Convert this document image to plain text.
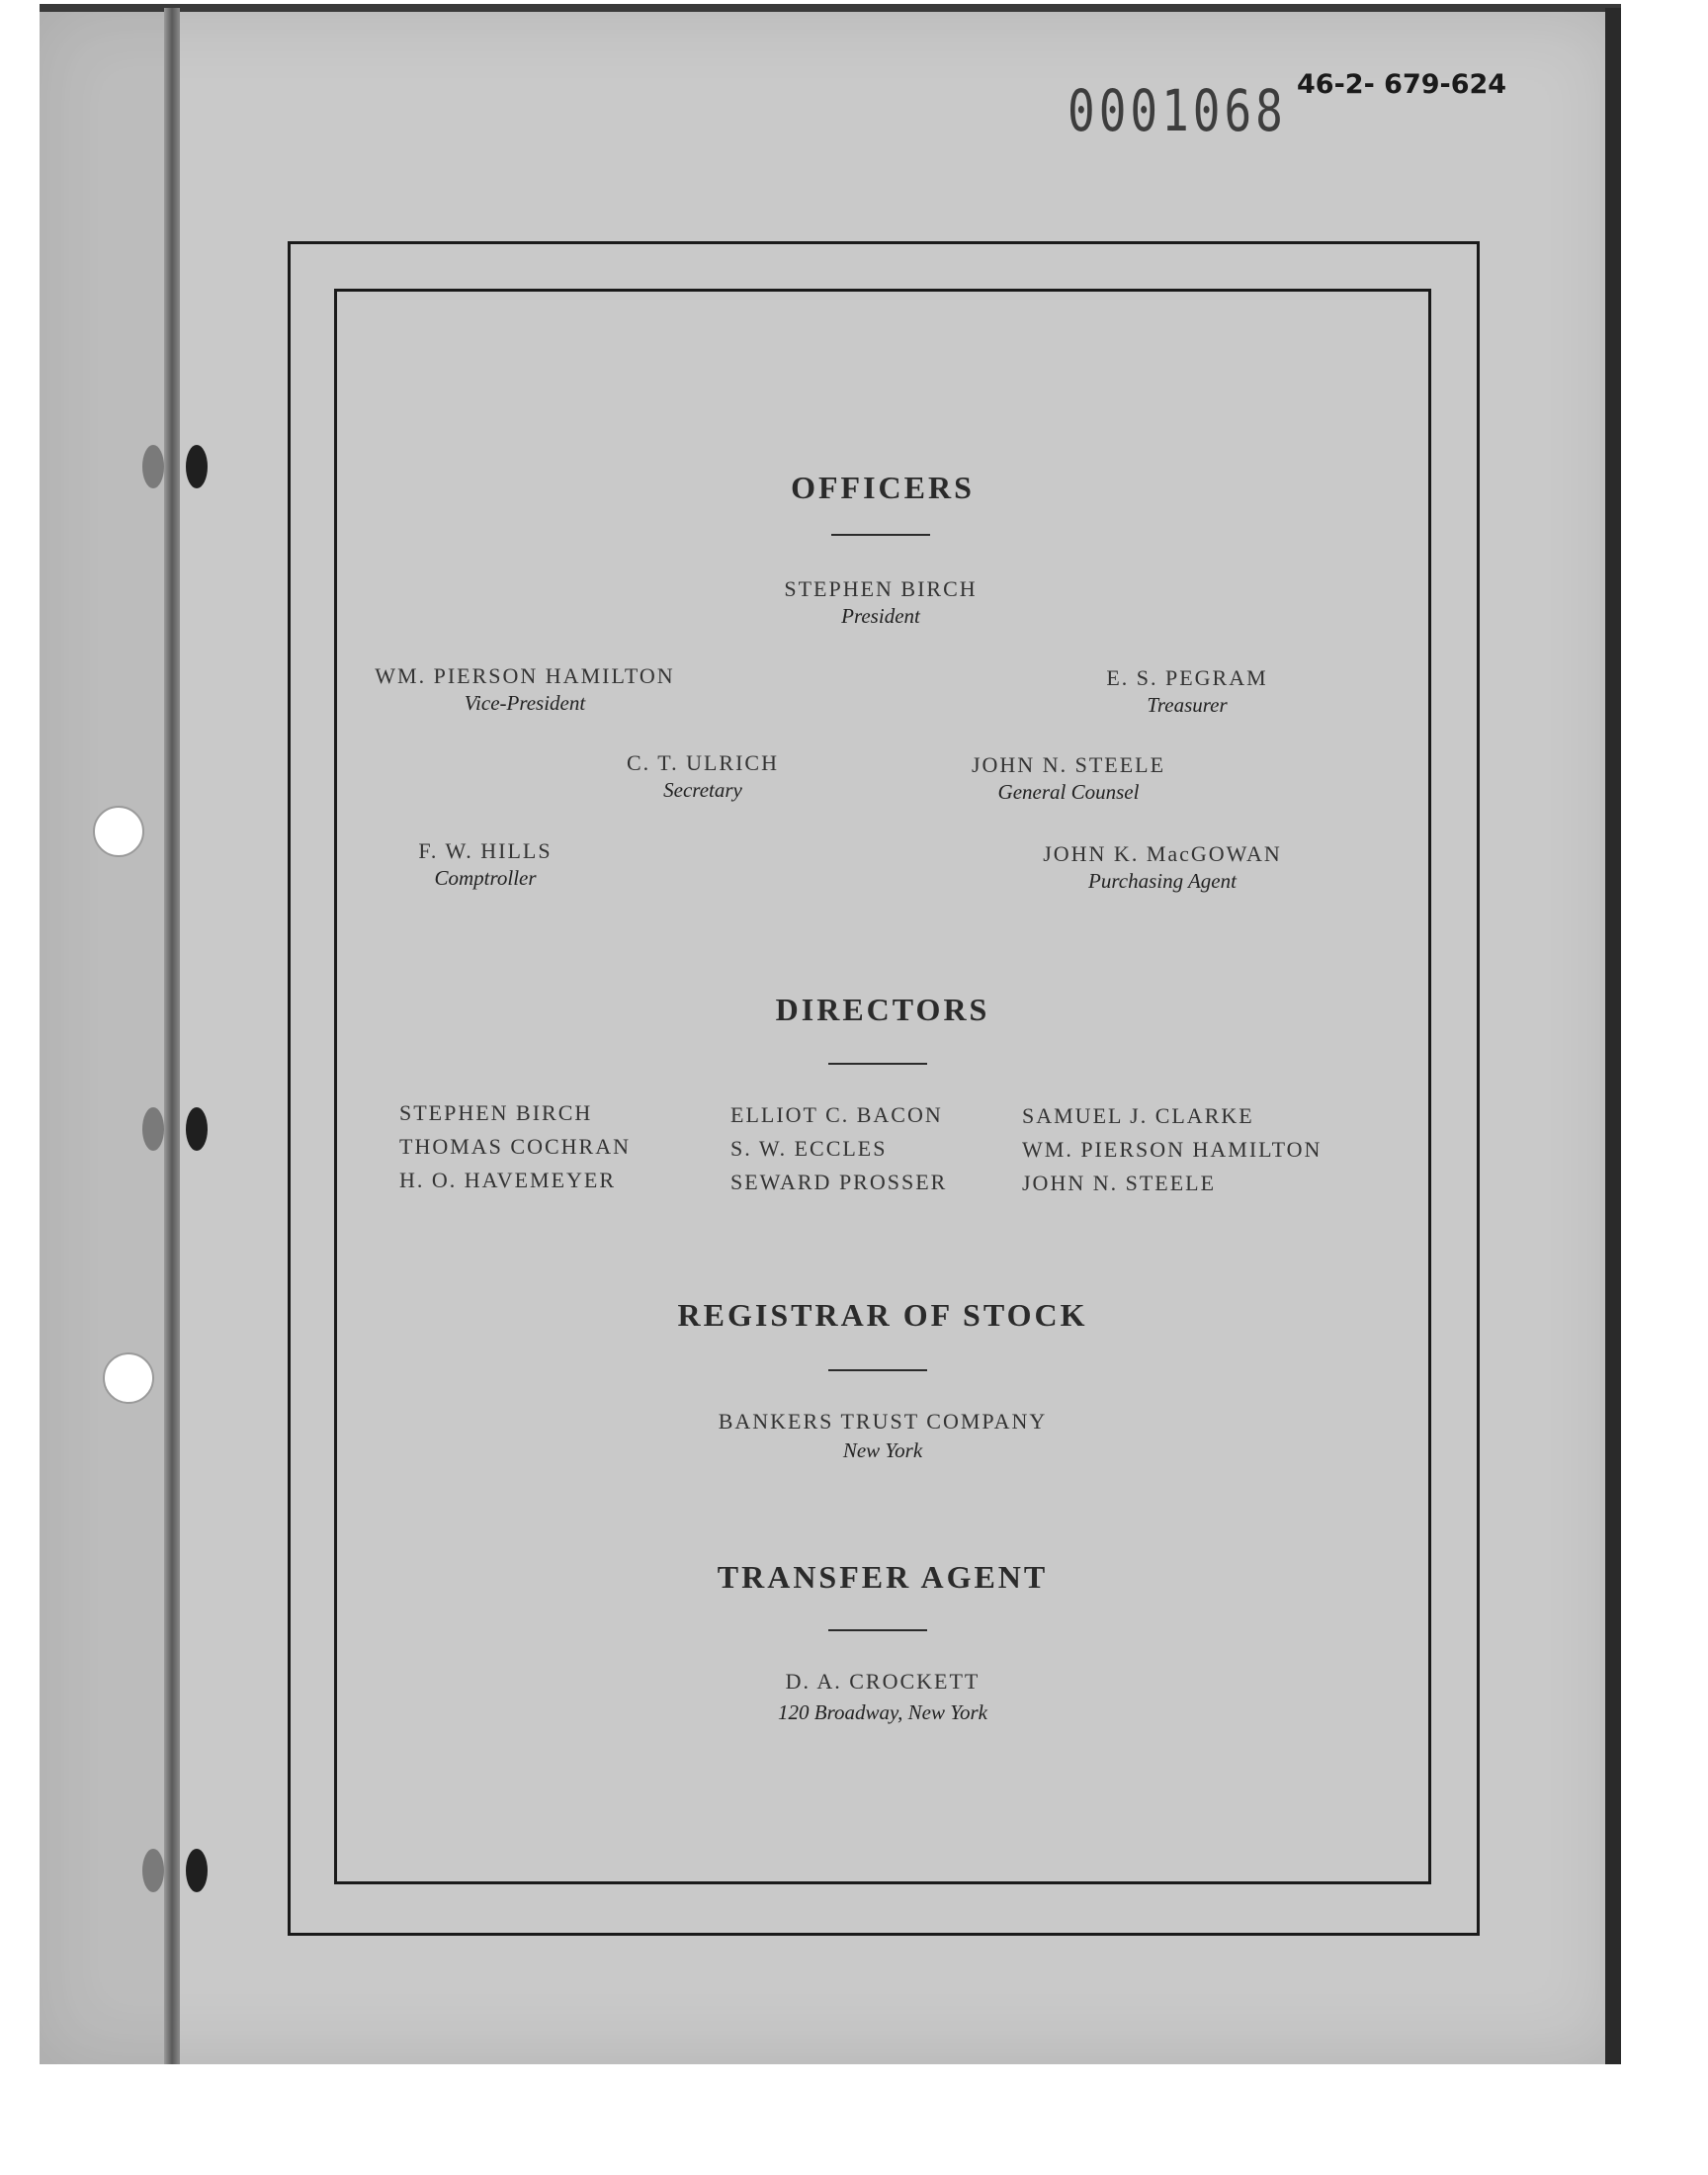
0001068 46-2- 679-624
OFFICERS
STEPHEN BIRCH
President
WM. PIERSON HAMILTON
Vice-President
E. S. PEGRAM
Treasurer
C. T. ULRICH
Secretary
JOHN N. STEELE
General Counsel
F. W. HILLS
Comptroller
JOHN K. MacGOWAN
Purchasing Agent
DIRECTORS
STEPHEN BIRCH
THOMAS COCHRAN
H. O. HAVEMEYER
ELLIOT C. BACON
S. W. ECCLES
SEWARD PROSSER
SAMUEL J. CLARKE
WM. PIERSON HAMILTON
JOHN N. STEELE
REGISTRAR OF STOCK
BANKERS TRUST COMPANY
New York
TRANSFER AGENT
D. A. CROCKETT
120 Broadway, New York
